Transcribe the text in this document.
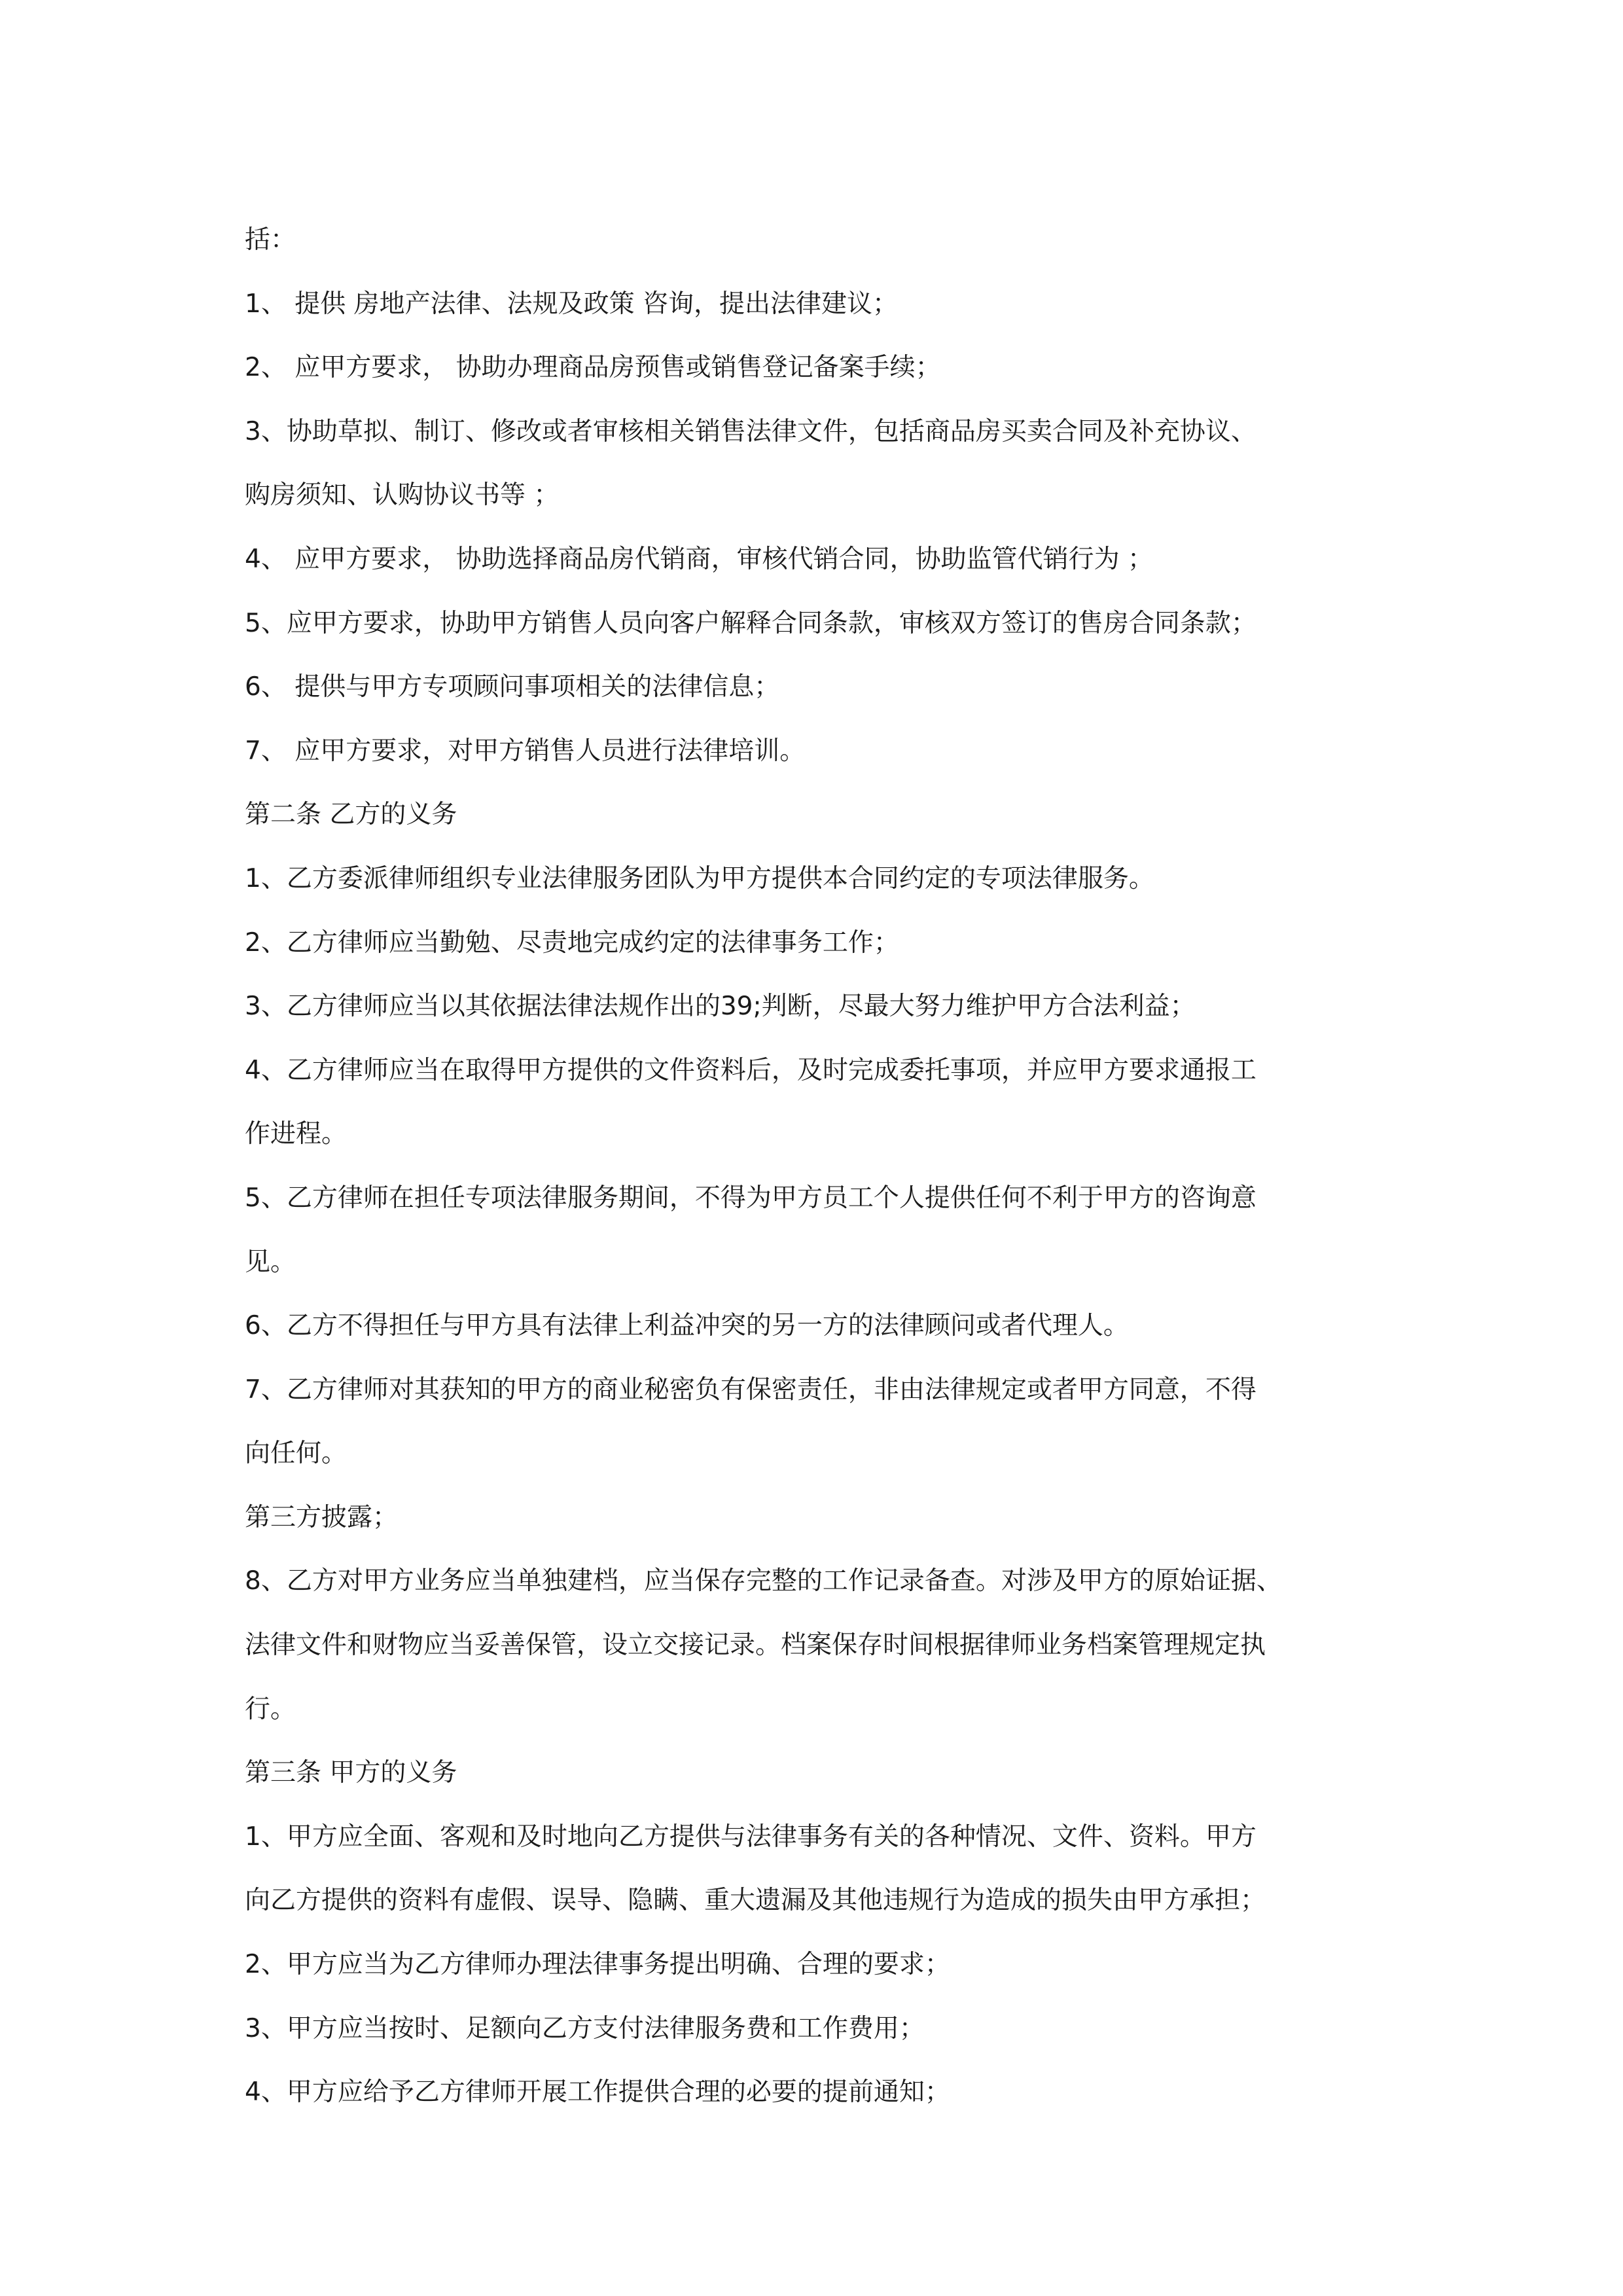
括：
1、 提供 房地产法律、法规及政策 咨询，提出法律建议；
2、 应甲方要求， 协助办理商品房预售或销售登记备案手续；
3、协助草拟、制订、修改或者审核相关销售法律文件，包括商品房买卖合同及补充协议、
购房须知、认购协议书等 ；
4、 应甲方要求， 协助选择商品房代销商，审核代销合同，协助监管代销行为 ；
5、应甲方要求，协助甲方销售人员向客户解释合同条款，审核双方签订的售房合同条款；
6、 提供与甲方专项顾问事项相关的法律信息；
7、 应甲方要求，对甲方销售人员进行法律培训。
第二条 乙方的义务
1、乙方委派律师组织专业法律服务团队为甲方提供本合同约定的专项法律服务。
2、乙方律师应当勤勉、尽责地完成约定的法律事务工作；
3、乙方律师应当以其依据法律法规作出的39;判断，尽最大努力维护甲方合法利益；
4、乙方律师应当在取得甲方提供的文件资料后，及时完成委托事项，并应甲方要求通报工
作进程。
5、乙方律师在担任专项法律服务期间，不得为甲方员工个人提供任何不利于甲方的咨询意
见。
6、乙方不得担任与甲方具有法律上利益冲突的另一方的法律顾问或者代理人。
7、乙方律师对其获知的甲方的商业秘密负有保密责任，非由法律规定或者甲方同意，不得
向任何。
第三方披露；
8、乙方对甲方业务应当单独建档，应当保存完整的工作记录备查。对涉及甲方的原始证据、
法律文件和财物应当妥善保管，设立交接记录。档案保存时间根据律师业务档案管理规定执
行。
第三条 甲方的义务
1、甲方应全面、客观和及时地向乙方提供与法律事务有关的各种情况、文件、资料。甲方
向乙方提供的资料有虚假、误导、隐瞒、重大遗漏及其他违规行为造成的损失由甲方承担；
2、甲方应当为乙方律师办理法律事务提出明确、合理的要求；
3、甲方应当按时、足额向乙方支付法律服务费和工作费用；
4、甲方应给予乙方律师开展工作提供合理的必要的提前通知；
